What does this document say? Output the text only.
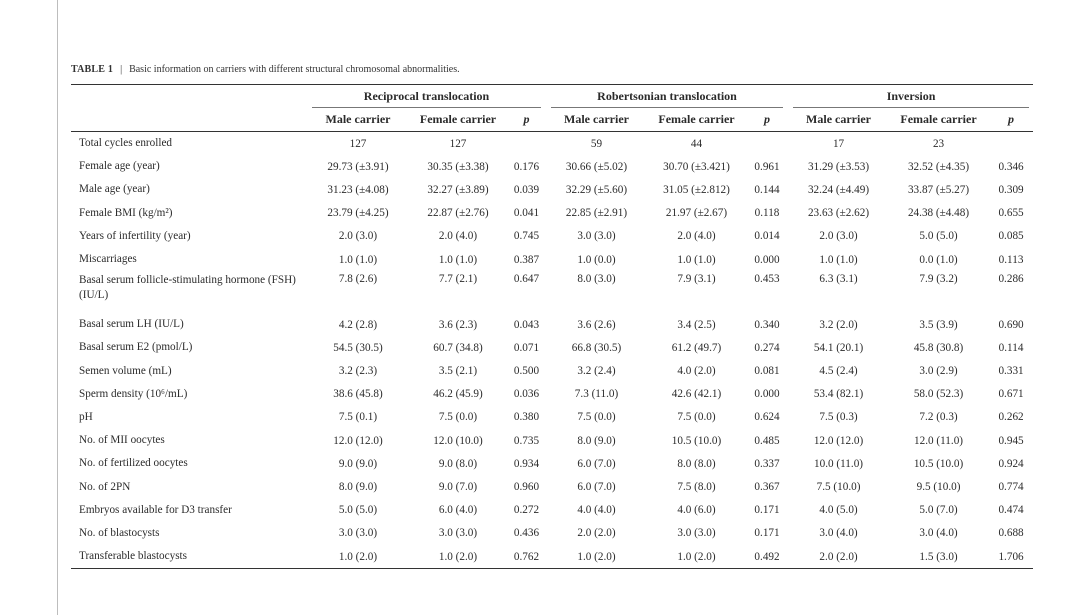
TABLE 1 | Basic information on carriers with different structural chromosomal abnormalities.
	Reciprocal translocation				Robertsonian translocation				Inversion		

	Male carrier	Female carrier	p		Male carrier	Female carrier	p		Male carrier	Female carrier	p
Total cycles enrolled	127	127			59	44			17	23	
Female age (year)	29.73 (±3.91)	30.35 (±3.38)	0.176		30.66 (±5.02)	30.70 (±3.421)	0.961		31.29 (±3.53)	32.52 (±4.35)	0.346
Male age (year)	31.23 (±4.08)	32.27 (±3.89)	0.039		32.29 (±5.60)	31.05 (±2.812)	0.144		32.24 (±4.49)	33.87 (±5.27)	0.309
Female BMI (kg/m²)	23.79 (±4.25)	22.87 (±2.76)	0.041		22.85 (±2.91)	21.97 (±2.67)	0.118		23.63 (±2.62)	24.38 (±4.48)	0.655
Years of infertility (year)	2.0 (3.0)	2.0 (4.0)	0.745		3.0 (3.0)	2.0 (4.0)	0.014		2.0 (3.0)	5.0 (5.0)	0.085
Miscarriages	1.0 (1.0)	1.0 (1.0)	0.387		1.0 (0.0)	1.0 (1.0)	0.000		1.0 (1.0)	0.0 (1.0)	0.113
Basal serum follicle-stimulating hormone (FSH) (IU/L)	7.8 (2.6)	7.7 (2.1)	0.647		8.0 (3.0)	7.9 (3.1)	0.453		6.3 (3.1)	7.9 (3.2)	0.286
Basal serum LH (IU/L)	4.2 (2.8)	3.6 (2.3)	0.043		3.6 (2.6)	3.4 (2.5)	0.340		3.2 (2.0)	3.5 (3.9)	0.690
Basal serum E2 (pmol/L)	54.5 (30.5)	60.7 (34.8)	0.071		66.8 (30.5)	61.2 (49.7)	0.274		54.1 (20.1)	45.8 (30.8)	0.114
Semen volume (mL)	3.2 (2.3)	3.5 (2.1)	0.500		3.2 (2.4)	4.0 (2.0)	0.081		4.5 (2.4)	3.0 (2.9)	0.331
Sperm density (10⁶/mL)	38.6 (45.8)	46.2 (45.9)	0.036		7.3 (11.0)	42.6 (42.1)	0.000		53.4 (82.1)	58.0 (52.3)	0.671
pH	7.5 (0.1)	7.5 (0.0)	0.380		7.5 (0.0)	7.5 (0.0)	0.624		7.5 (0.3)	7.2 (0.3)	0.262
No. of MII oocytes	12.0 (12.0)	12.0 (10.0)	0.735		8.0 (9.0)	10.5 (10.0)	0.485		12.0 (12.0)	12.0 (11.0)	0.945
No. of fertilized oocytes	9.0 (9.0)	9.0 (8.0)	0.934		6.0 (7.0)	8.0 (8.0)	0.337		10.0 (11.0)	10.5 (10.0)	0.924
No. of 2PN	8.0 (9.0)	9.0 (7.0)	0.960		6.0 (7.0)	7.5 (8.0)	0.367		7.5 (10.0)	9.5 (10.0)	0.774
Embryos available for D3 transfer	5.0 (5.0)	6.0 (4.0)	0.272		4.0 (4.0)	4.0 (6.0)	0.171		4.0 (5.0)	5.0 (7.0)	0.474
No. of blastocysts	3.0 (3.0)	3.0 (3.0)	0.436		2.0 (2.0)	3.0 (3.0)	0.171		3.0 (4.0)	3.0 (4.0)	0.688
Transferable blastocysts	1.0 (2.0)	1.0 (2.0)	0.762		1.0 (2.0)	1.0 (2.0)	0.492		2.0 (2.0)	1.5 (3.0)	1.706
